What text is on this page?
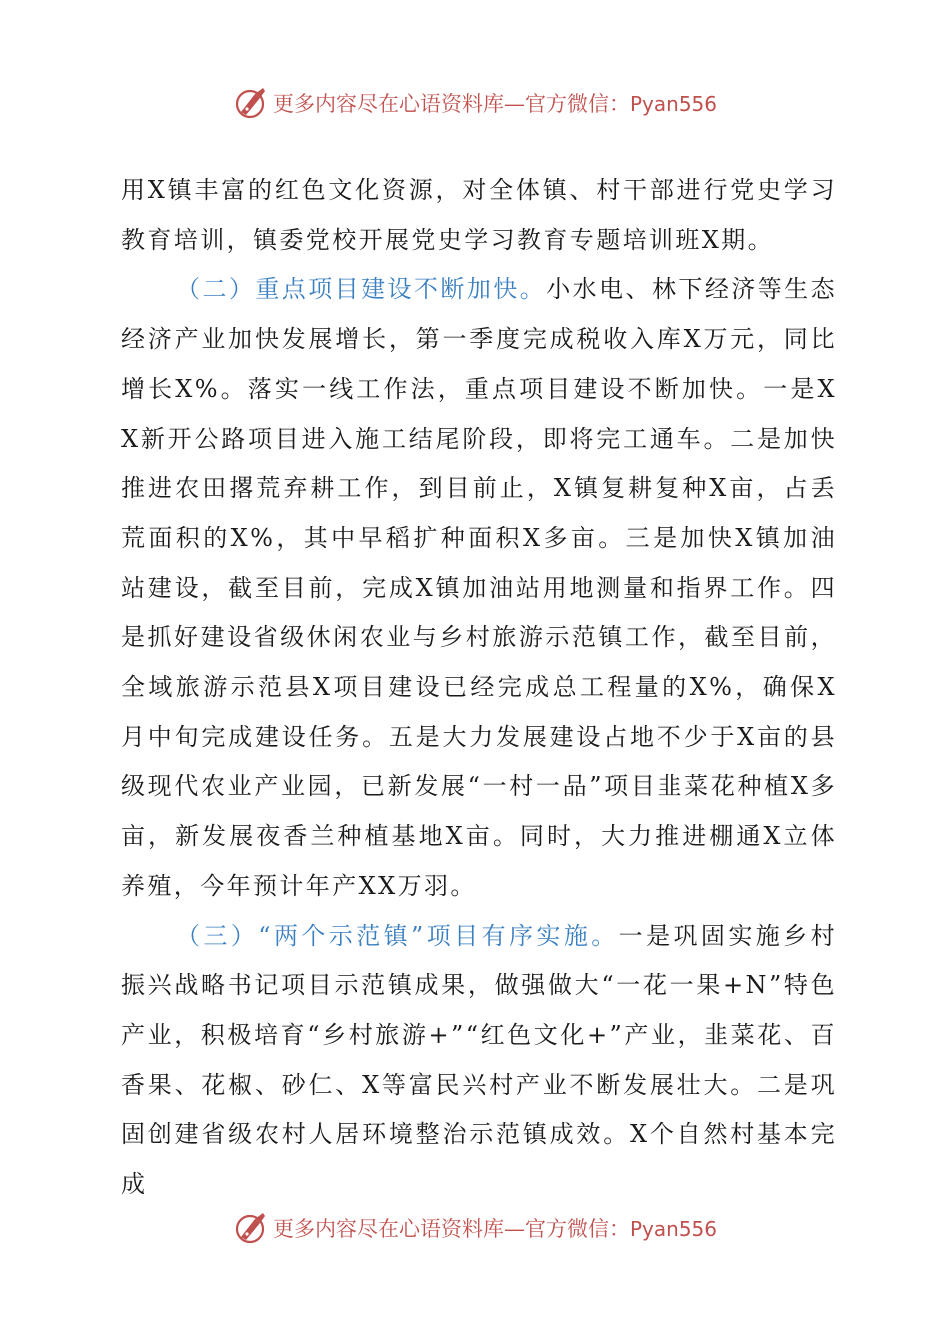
更多内容尽在心语资料库—官方微信：Pyan556

用X镇丰富的红色文化资源，对全体镇、村干部进行党史学习教育培训，镇委党校开展党史学习教育专题培训班X期。

（二）重点项目建设不断加快。小水电、林下经济等生态经济产业加快发展增长，第一季度完成税收入库X万元，同比增长X%。落实一线工作法，重点项目建设不断加快。一是XX新开公路项目进入施工结尾阶段，即将完工通车。二是加快推进农田撂荒弃耕工作，到目前止，X镇复耕复种X亩，占丢荒面积的X%，其中早稻扩种面积X多亩。三是加快X镇加油站建设，截至目前，完成X镇加油站用地测量和指界工作。四是抓好建设省级休闲农业与乡村旅游示范镇工作，截至目前，全域旅游示范县X项目建设已经完成总工程量的X%，确保X月中旬完成建设任务。五是大力发展建设占地不少于X亩的县级现代农业产业园，已新发展“一村一品”项目韭菜花种植X多亩，新发展夜香兰种植基地X亩。同时，大力推进棚通X立体养殖，今年预计年产XX万羽。

（三）“两个示范镇”项目有序实施。一是巩固实施乡村振兴战略书记项目示范镇成果，做强做大“一花一果+N”特色产业，积极培育“乡村旅游+”“红色文化+”产业，韭菜花、百香果、花椒、砂仁、X等富民兴村产业不断发展壮大。二是巩固创建省级农村人居环境整治示范镇成效。X个自然村基本完成

更多内容尽在心语资料库—官方微信：Pyan556
